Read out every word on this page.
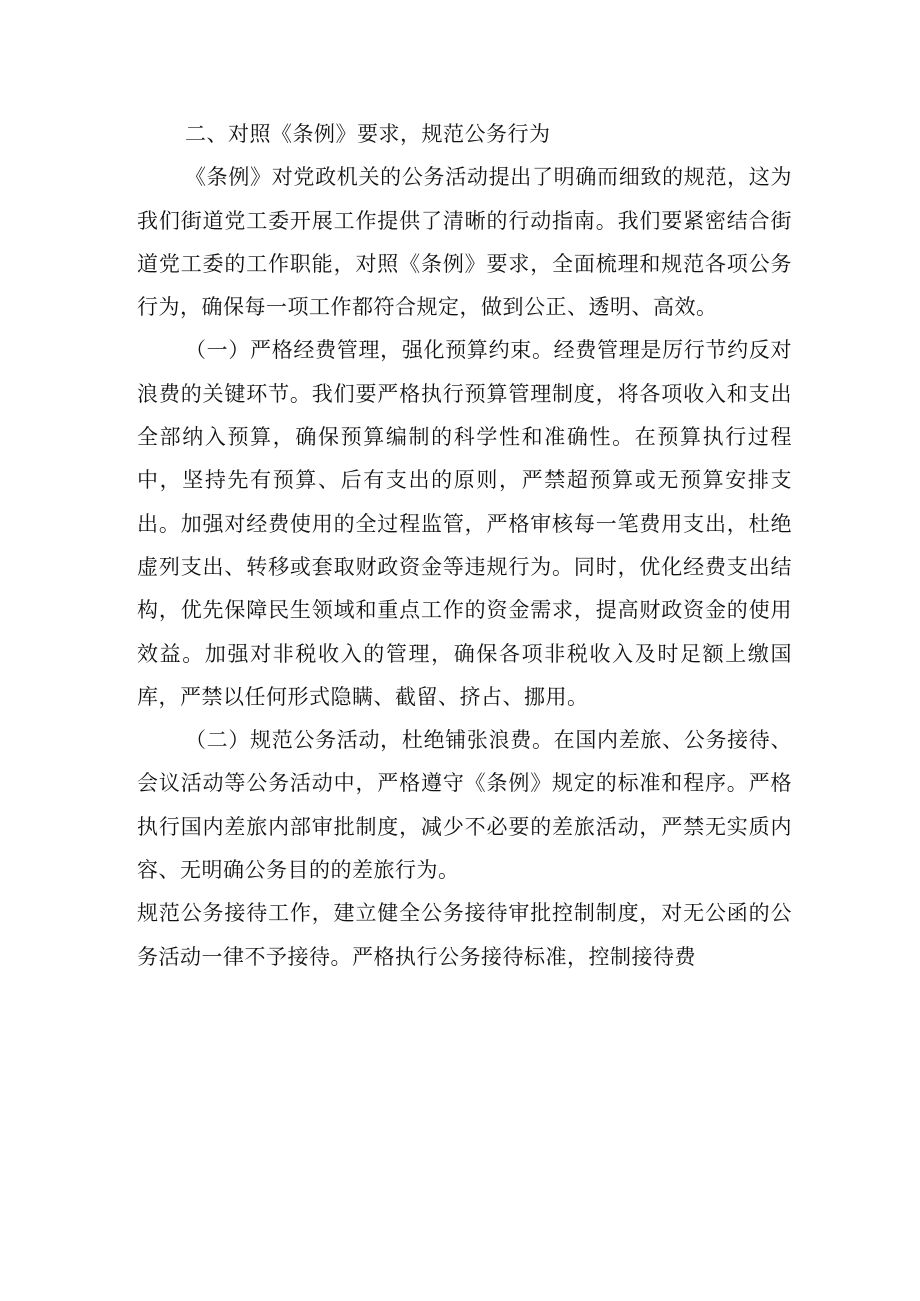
二、对照《条例》要求，规范公务行为

《条例》对党政机关的公务活动提出了明确而细致的规范，这为我们街道党工委开展工作提供了清晰的行动指南。我们要紧密结合街道党工委的工作职能，对照《条例》要求，全面梳理和规范各项公务行为，确保每一项工作都符合规定，做到公正、透明、高效。

（一）严格经费管理，强化预算约束。经费管理是厉行节约反对浪费的关键环节。我们要严格执行预算管理制度，将各项收入和支出全部纳入预算，确保预算编制的科学性和准确性。在预算执行过程中，坚持先有预算、后有支出的原则，严禁超预算或无预算安排支出。加强对经费使用的全过程监管，严格审核每一笔费用支出，杜绝虚列支出、转移或套取财政资金等违规行为。同时，优化经费支出结构，优先保障民生领域和重点工作的资金需求，提高财政资金的使用效益。加强对非税收入的管理，确保各项非税收入及时足额上缴国库，严禁以任何形式隐瞒、截留、挤占、挪用。

（二）规范公务活动，杜绝铺张浪费。在国内差旅、公务接待、会议活动等公务活动中，严格遵守《条例》规定的标准和程序。严格执行国内差旅内部审批制度，减少不必要的差旅活动，严禁无实质内容、无明确公务目的的差旅行为。

规范公务接待工作，建立健全公务接待审批控制制度，对无公函的公务活动一律不予接待。严格执行公务接待标准，控制接待费
